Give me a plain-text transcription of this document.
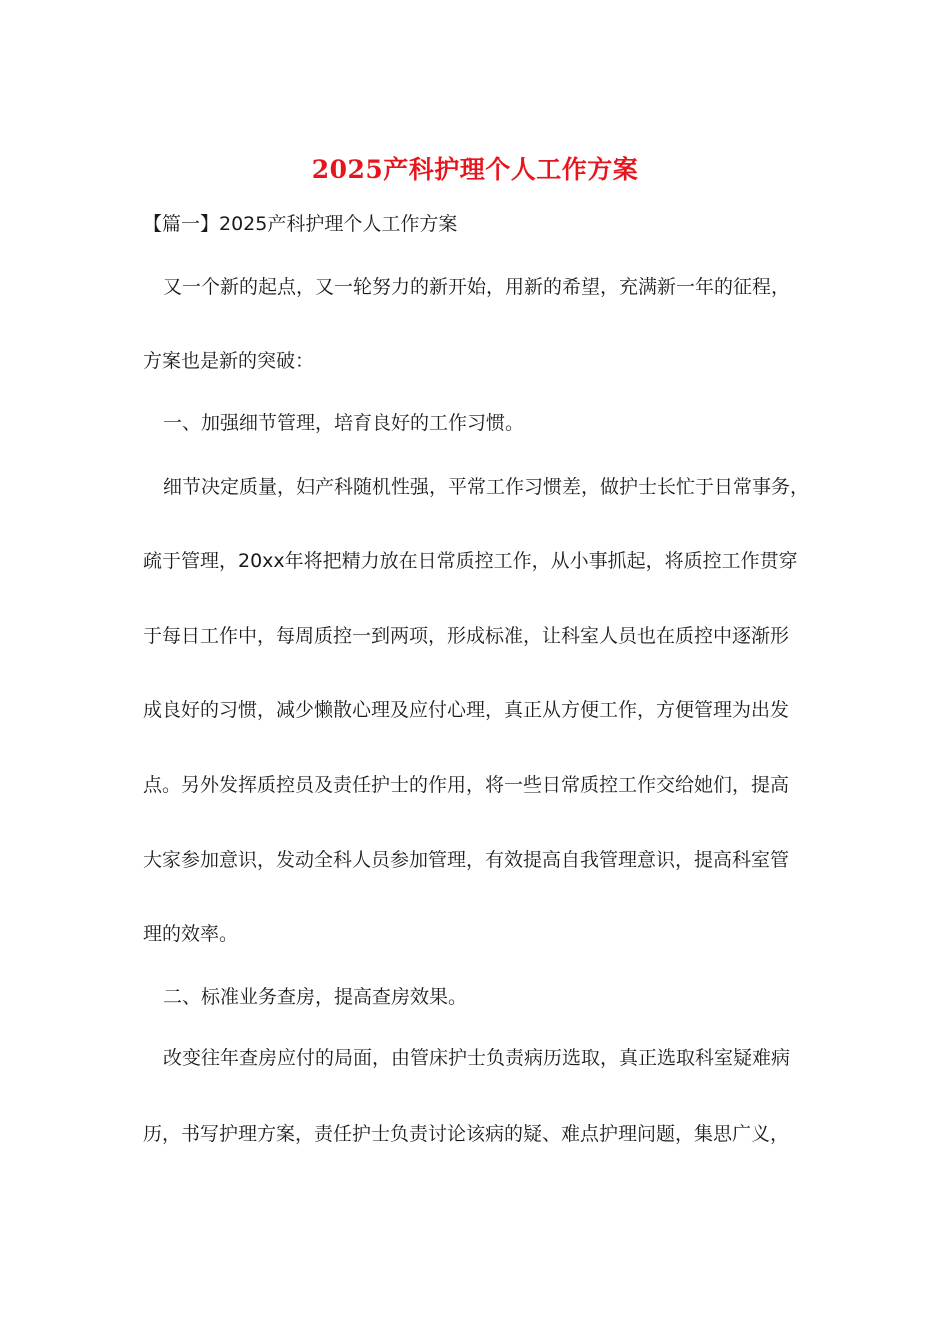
2025产科护理个人工作方案
【篇一】2025产科护理个人工作方案
又一个新的起点，又一轮努力的新开始，用新的希望，充满新一年的征程，
方案也是新的突破：
一、加强细节管理，培育良好的工作习惯。
细节决定质量，妇产科随机性强，平常工作习惯差，做护士长忙于日常事务，
疏于管理，20xx年将把精力放在日常质控工作，从小事抓起，将质控工作贯穿
于每日工作中，每周质控一到两项，形成标准，让科室人员也在质控中逐渐形
成良好的习惯，减少懒散心理及应付心理，真正从方便工作，方便管理为出发
点。另外发挥质控员及责任护士的作用，将一些日常质控工作交给她们，提高
大家参加意识，发动全科人员参加管理，有效提高自我管理意识，提高科室管
理的效率。
二、标准业务查房，提高查房效果。
改变往年查房应付的局面，由管床护士负责病历选取，真正选取科室疑难病
历，书写护理方案，责任护士负责讨论该病的疑、难点护理问题，集思广义，
